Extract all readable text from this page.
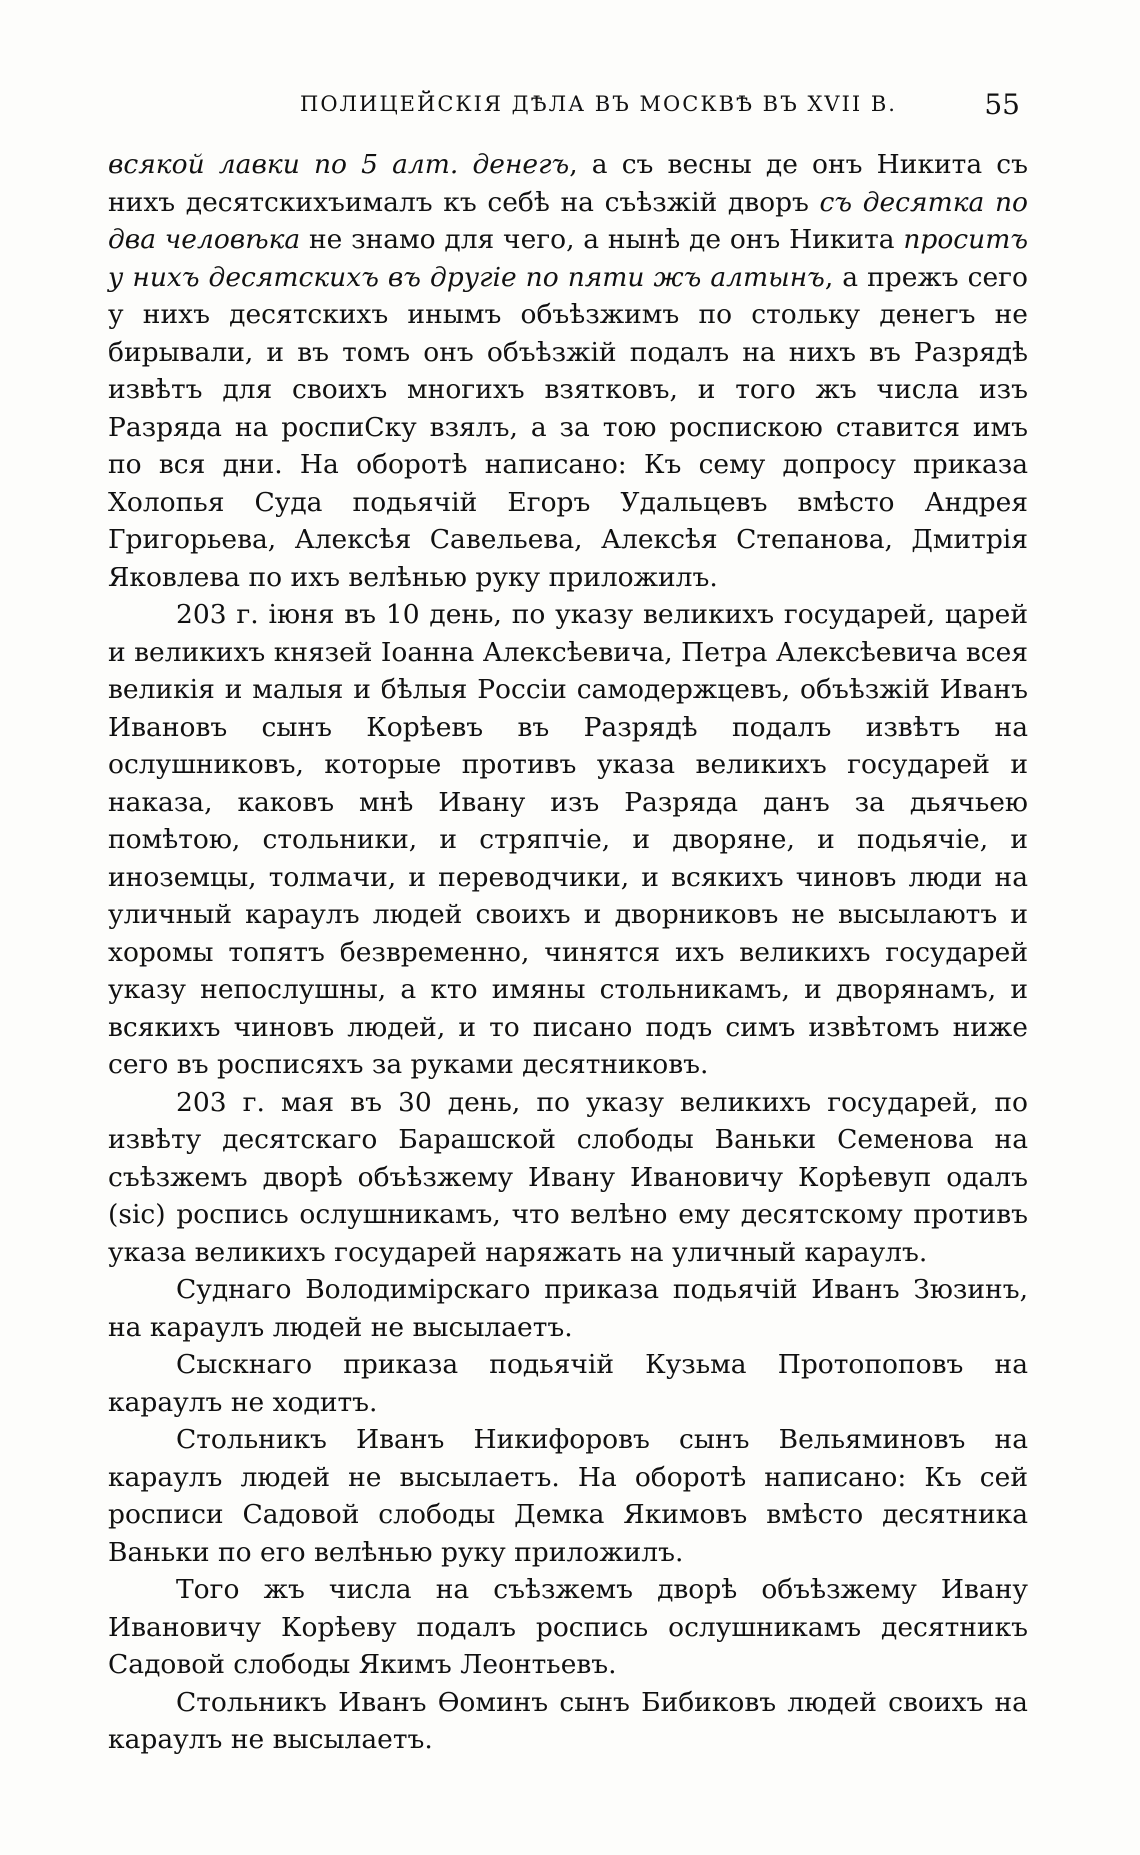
ПОЛИЦЕЙСКІЯ ДѢЛА ВЪ МОСКВѢ ВЪ XVII В.	55

всякой лавки по 5 алт. денегъ, а съ весны де онъ Никита съ нихъ десятскихъималъ къ себѣ на съѣзжій дворъ съ десятка по два человѣка не знамо для чего, а нынѣ де онъ Никита проситъ у нихъ десятскихъ въ другіе по пяти жъ алтынъ, а прежъ сего у нихъ десятскихъ инымъ объѣзжимъ по стольку денегъ не бирывали, и въ томъ онъ объѣзжій подалъ на нихъ въ Разрядѣ извѣтъ для своихъ многихъ взятковъ, и того жъ числа изъ Разряда на роспиСку взялъ, а за тою роспискою ставится имъ по вся дни. На оборотѣ написано: Къ сему допросу приказа Холопья Суда подьячій Егоръ Удальцевъ вмѣсто Андрея Григорьева, Алексѣя Савельева, Алексѣя Степанова, Дмитрія Яковлева по ихъ велѣнью руку приложилъ.

203 г. іюня въ 10 день, по указу великихъ государей, царей и великихъ князей Іоанна Алексѣевича, Петра Алексѣевича всея великія и малыя и бѣлыя Россіи самодержцевъ, объѣзжій Иванъ Ивановъ сынъ Корѣевъ въ Разрядѣ подалъ извѣтъ на ослушниковъ, которые противъ указа великихъ государей и наказа, каковъ мнѣ Ивану изъ Разряда данъ за дьячьею помѣтою, стольники, и стряпчіе, и дворяне, и подьячіе, и иноземцы, толмачи, и переводчики, и всякихъ чиновъ люди на уличный караулъ людей своихъ и дворниковъ не высылаютъ и хоромы топятъ безвременно, чинятся ихъ великихъ государей указу непослушны, а кто имяны стольникамъ, и дворянамъ, и всякихъ чиновъ людей, и то писано подъ симъ извѣтомъ ниже сего въ росписяхъ за руками десятниковъ.

203 г. мая въ 30 день, по указу великихъ государей, по извѣту десятскаго Барашской слободы Ваньки Семенова на съѣзжемъ дворѣ объѣзжему Ивану Ивановичу Корѣевуп одалъ (sic) роспись ослушникамъ, что велѣно ему десятскому противъ указа великихъ государей наряжать на уличный караулъ.

Суднаго Володимірскаго приказа подьячій Иванъ Зюзинъ, на караулъ людей не высылаетъ.

Сыскнаго приказа подьячій Кузьма Протопоповъ на караулъ не ходитъ.

Стольникъ Иванъ Никифоровъ сынъ Вельяминовъ на караулъ людей не высылаетъ. На оборотѣ написано: Къ сей росписи Садовой слободы Демка Якимовъ вмѣсто десятника Ваньки по его велѣнью руку приложилъ.

Того жъ числа на съѣзжемъ дворѣ объѣзжему Ивану Ивановичу Корѣеву подалъ роспись ослушникамъ десятникъ Садовой слободы Якимъ Леонтьевъ.

Стольникъ Иванъ Ѳоминъ сынъ Бибиковъ людей своихъ на караулъ не высылаетъ.
